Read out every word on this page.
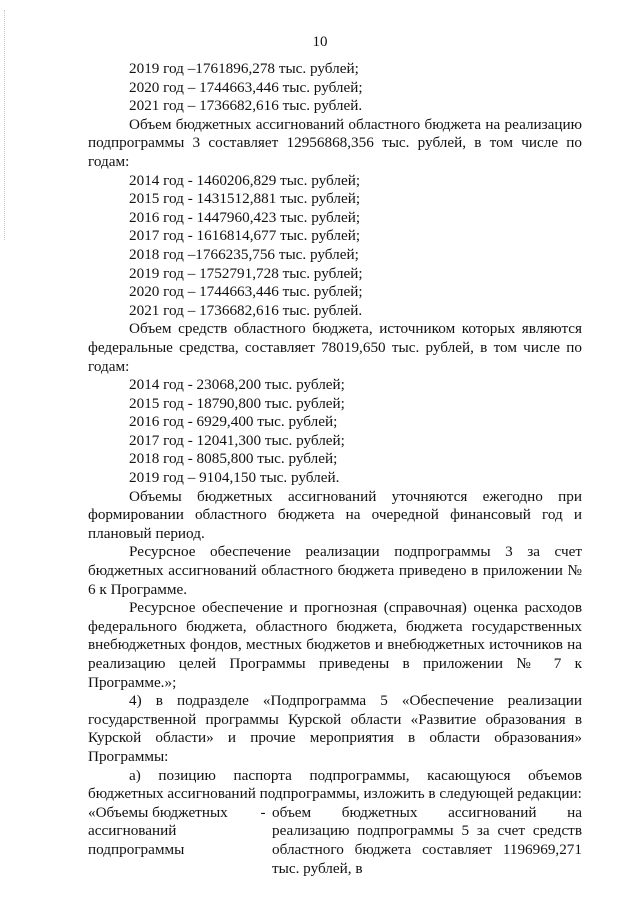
10
2019 год –1761896,278 тыс. рублей;
2020 год – 1744663,446 тыс. рублей;
2021 год – 1736682,616 тыс. рублей.

Объем бюджетных ассигнований областного бюджета на реализацию подпрограммы 3 составляет 12956868,356 тыс. рублей, в том числе по годам:

2014 год - 1460206,829 тыс. рублей;
2015 год - 1431512,881 тыс. рублей;
2016 год - 1447960,423 тыс. рублей;
2017 год - 1616814,677 тыс. рублей;
2018 год –1766235,756 тыс. рублей;
2019 год – 1752791,728 тыс. рублей;
2020 год – 1744663,446 тыс. рублей;
2021 год – 1736682,616 тыс. рублей.

Объем средств областного бюджета, источником которых являются федеральные средства, составляет 78019,650 тыс. рублей, в том числе по годам:

2014 год - 23068,200 тыс. рублей;
2015 год - 18790,800 тыс. рублей;
2016 год - 6929,400 тыс. рублей;
2017 год - 12041,300 тыс. рублей;
2018 год - 8085,800 тыс. рублей;
2019 год – 9104,150 тыс. рублей.

Объемы бюджетных ассигнований уточняются ежегодно при формировании областного бюджета на очередной финансовый год и плановый период.

Ресурсное обеспечение реализации подпрограммы 3 за счет бюджетных ассигнований областного бюджета приведено в приложении № 6 к Программе.

Ресурсное обеспечение и прогнозная (справочная) оценка расходов федерального бюджета, областного бюджета, бюджета государственных внебюджетных фондов, местных бюджетов и внебюджетных источников на реализацию целей Программы приведены в приложении № 7 к Программе.»;

4) в подразделе «Подпрограмма 5 «Обеспечение реализации государственной программы Курской области «Развитие образования в Курской области» и прочие мероприятия в области образования» Программы:

а) позицию паспорта подпрограммы, касающуюся объемов бюджетных ассигнований подпрограммы, изложить в следующей редакции:

«Объемы бюджетных
ассигнований
подпрограммы
- объем бюджетных ассигнований на реализацию подпрограммы 5 за счет средств областного бюджета составляет 1196969,271 тыс. рублей, в
